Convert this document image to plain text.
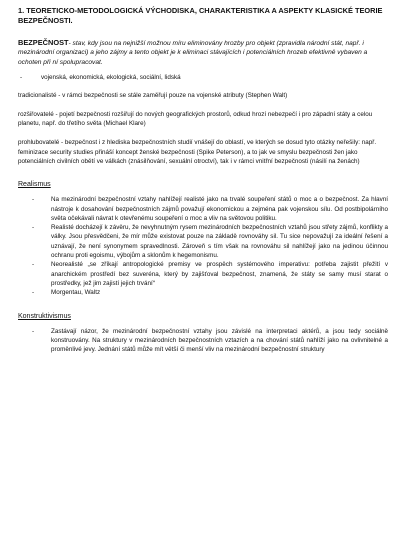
1. TEORETICKO-METODOLOGICKÁ VÝCHODISKA, CHARAKTERISTIKA A ASPEKTY KLASICKÉ TEORIE BEZPEČNOSTI.

BEZPEČNOST- stav, kdy jsou na nejnižší možnou míru eliminovány hrozby pro objekt (zpravidla národní stát, např. i mezinárodní organizaci) a jeho zájmy a tento objekt je k eliminaci stávajících i potenciálních hrozeb efektivně vybaven a ochoten při ní spolupracovat.

-	vojenská, ekonomická, ekologická, sociální, lidská

tradicionalisté - v rámci bezpečnosti se stále zaměřují pouze na vojenské atributy (Stephen Walt)

rozšiřovatelé - pojetí bezpečnosti rozšiřují do nových geografických prostorů, odkud hrozí nebezpečí i pro západní státy a celou planetu, např. do třetího světa (Michael Klare)

prohlubovatelé - bezpečnost i z hlediska bezpečnostních studií vnášejí do oblastí, ve kterých se dosud tyto otázky neřešily: např. feminizace security studies přináší koncept ženské bezpečnosti (Spike Peterson), a to jak ve smyslu bezpečnosti žen jako potenciálních civilních obětí ve válkách (znásilňování, sexuální otroctví), tak i v rámci vnitřní bezpečnosti (násilí na ženách)

Realismus
-	Na mezinárodní bezpečnostní vztahy nahlížejí realisté jako na trvalé soupeření států o moc a o bezpečnost. Za hlavní nástroje k dosahování bezpečnostních zájmů považují ekonomickou a zejména pak vojenskou sílu. Od postbipolárního světa očekávali návrat k otevřenému soupeření o moc a vliv na světovou politiku.
-	Realisté docházejí k závěru, že nevyhnutným rysem mezinárodních bezpečnostních vztahů jsou střety zájmů, konflikty a války. Jsou přesvědčeni, že mír může existovat pouze na základě rovnováhy sil. Tu sice nepovažují za ideální řešení a uznávají, že není synonymem spravedlnosti. Zároveň s tím však na rovnováhu sil nahlížejí jako na jedinou účinnou ochranu proti egoismu, výbojům a sklonům k hegemonismu.
-	Neorealisté „se zříkají antropologické premisy ve prospěch systémového imperativu: potřeba zajistit přežití v anarchickém prostředí bez suveréna, který by zajišťoval bezpečnost, znamená, že státy se samy musí starat o prostředky, jež jim zajistí jejich trvání“
-	Morgentau, Waltz
Konstruktivismus
-	Zastávají názor, že mezinárodní bezpečnostní vztahy jsou závislé na interpretaci aktérů, a jsou tedy sociálně konstruovány. Na struktury v mezinárodních bezpečnostních vztazích a na chování států nahlíží jako na ovlivnitelné a proměnlivé jevy. Jednání států může mít větší či menší vliv na mezinárodní bezpečnostní struktury
